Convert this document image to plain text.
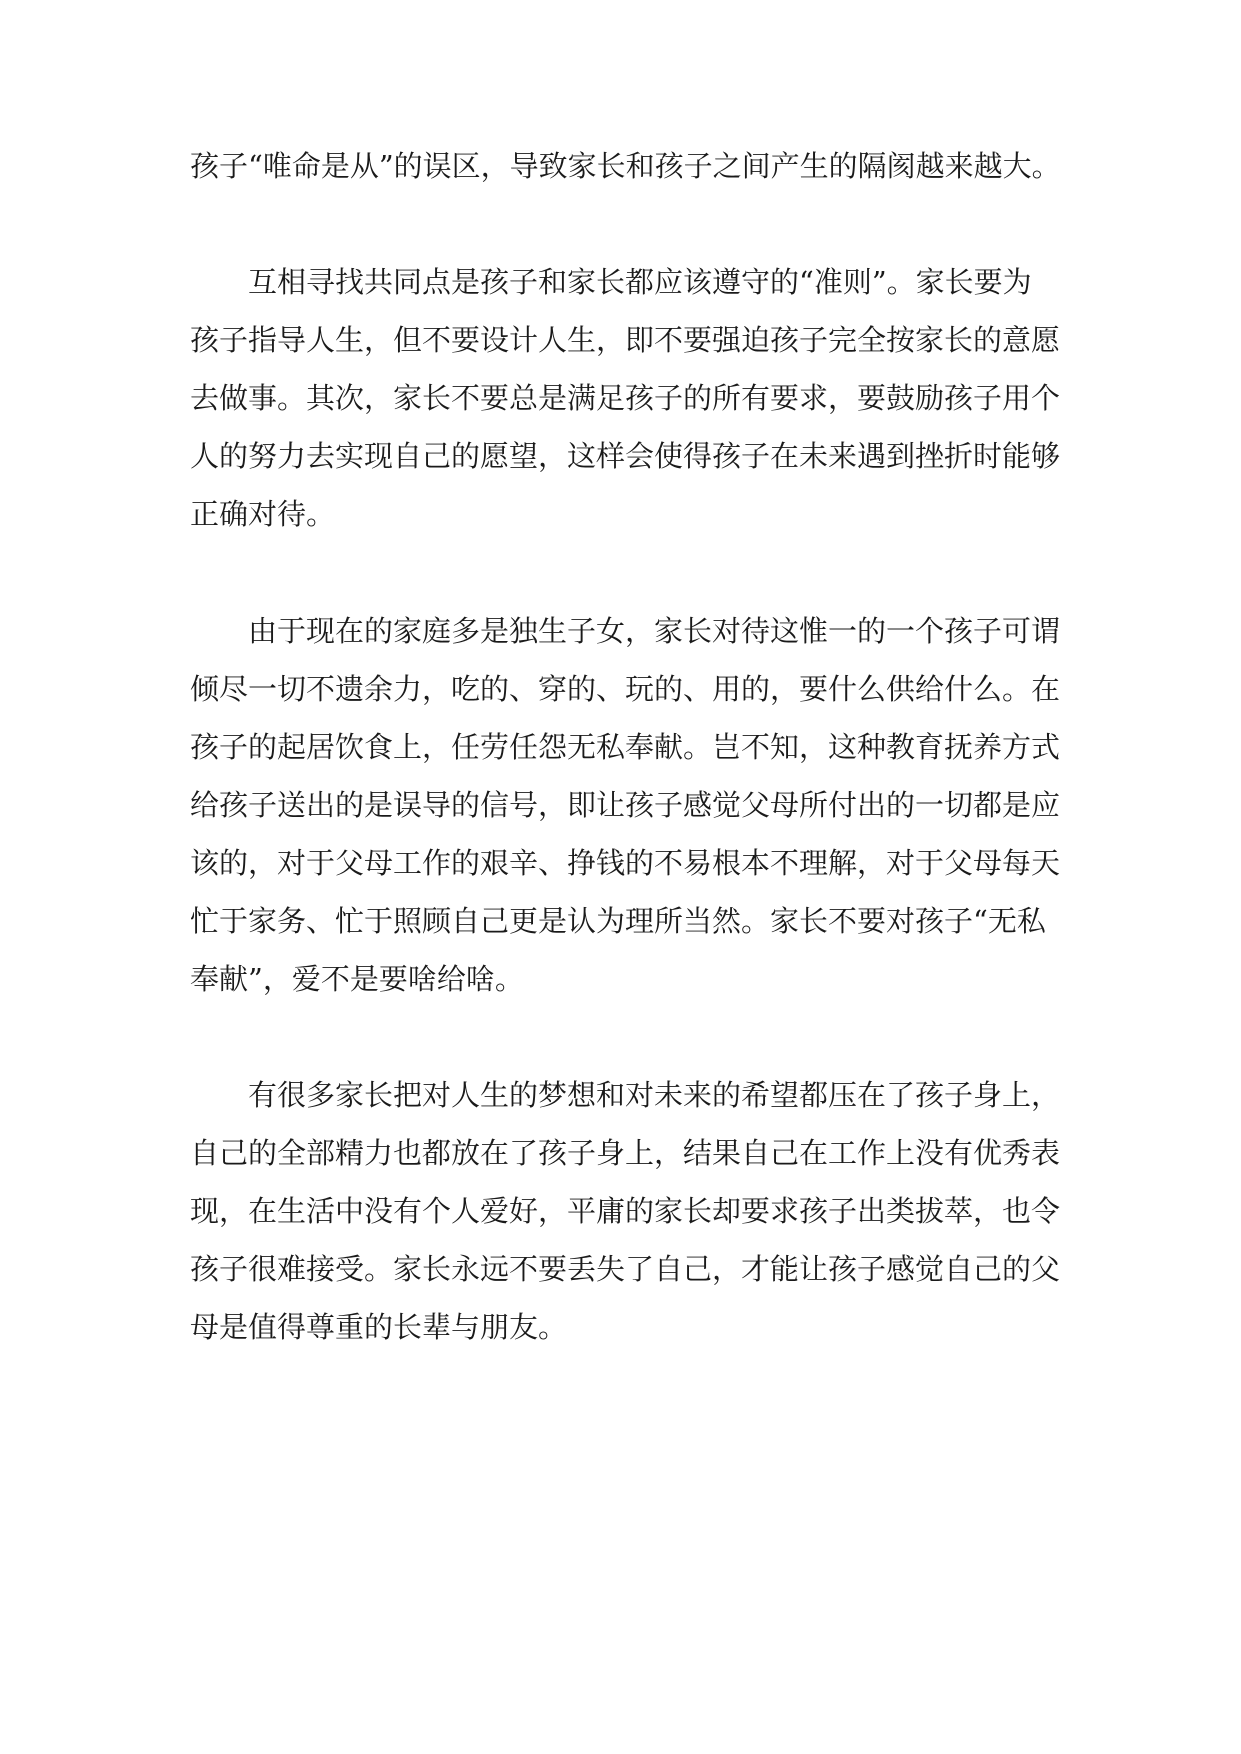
孩子“唯命是从”的误区，导致家长和孩子之间产生的隔阂越来越大。
互相寻找共同点是孩子和家长都应该遵守的“准则”。家长要为
孩子指导人生，但不要设计人生，即不要强迫孩子完全按家长的意愿
去做事。其次，家长不要总是满足孩子的所有要求，要鼓励孩子用个
人的努力去实现自己的愿望，这样会使得孩子在未来遇到挫折时能够
正确对待。
由于现在的家庭多是独生子女，家长对待这惟一的一个孩子可谓
倾尽一切不遗余力，吃的、穿的、玩的、用的，要什么供给什么。在
孩子的起居饮食上，任劳任怨无私奉献。岂不知，这种教育抚养方式
给孩子送出的是误导的信号，即让孩子感觉父母所付出的一切都是应
该的，对于父母工作的艰辛、挣钱的不易根本不理解，对于父母每天
忙于家务、忙于照顾自己更是认为理所当然。家长不要对孩子“无私
奉献”，爱不是要啥给啥。
有很多家长把对人生的梦想和对未来的希望都压在了孩子身上，
自己的全部精力也都放在了孩子身上，结果自己在工作上没有优秀表
现，在生活中没有个人爱好，平庸的家长却要求孩子出类拔萃，也令
孩子很难接受。家长永远不要丢失了自己，才能让孩子感觉自己的父
母是值得尊重的长辈与朋友。
